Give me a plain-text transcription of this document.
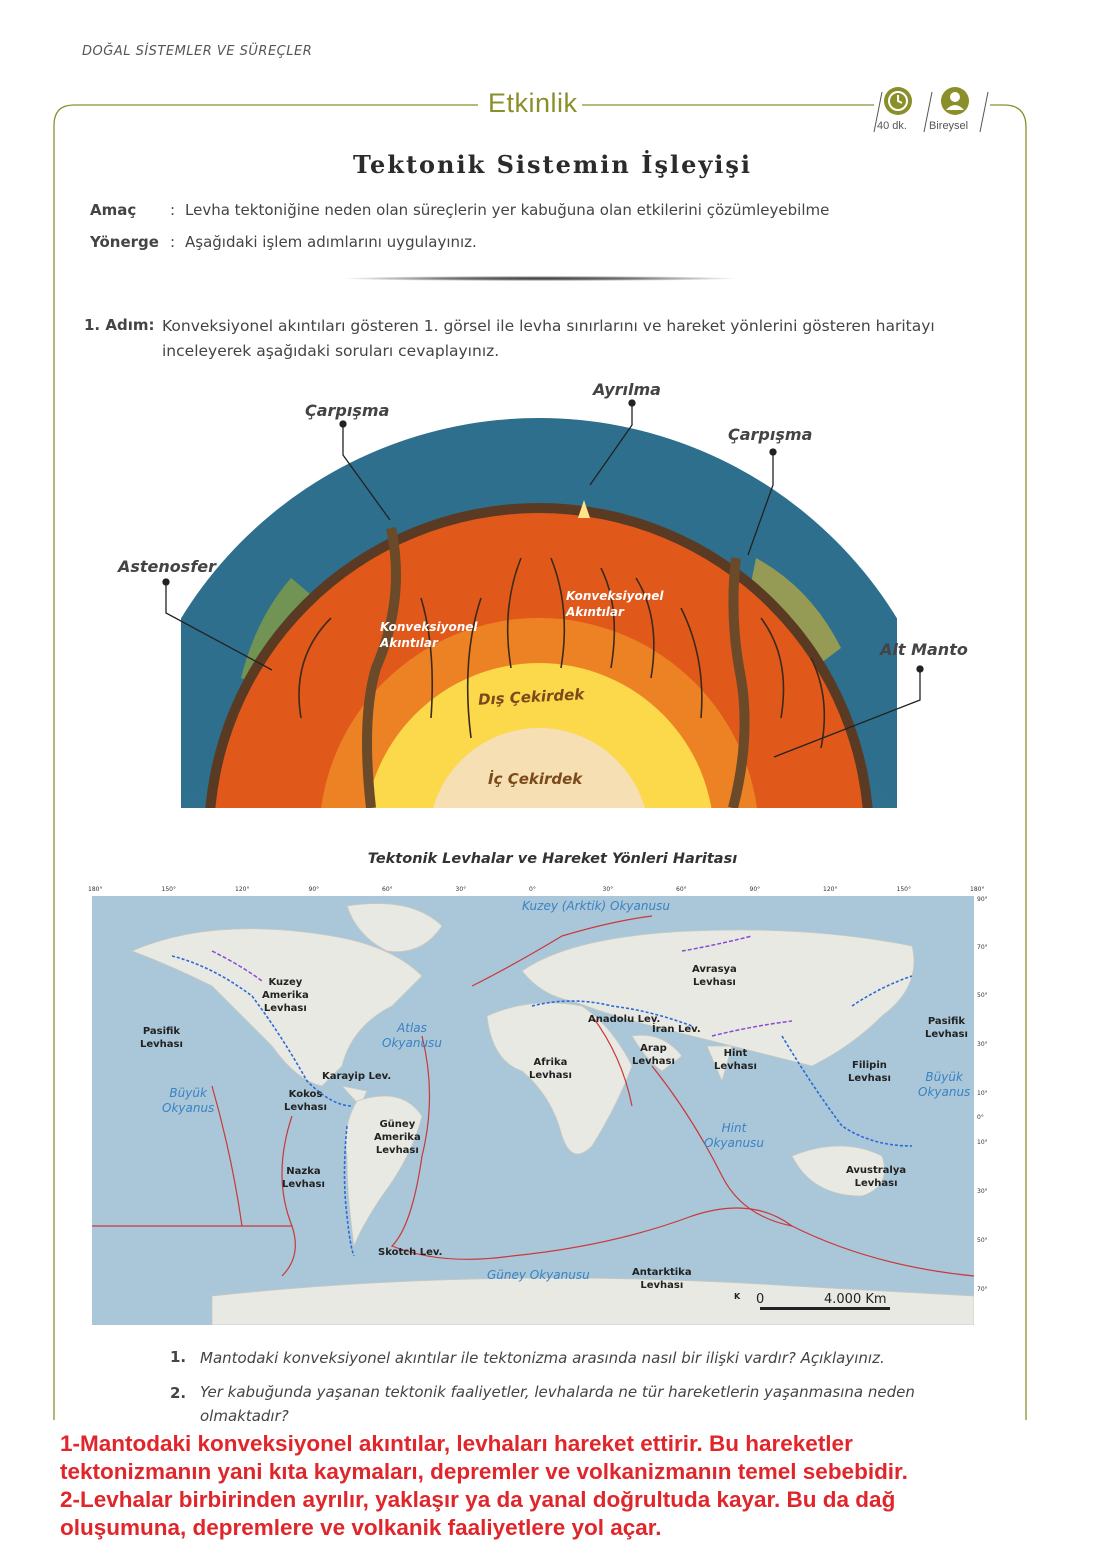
DOĞAL SİSTEMLER VE SÜREÇLER
Etkinlik
40 dk. Bireysel
Tektonik Sistemin İşleyişi
Amaç : Levha tektoniğine neden olan süreçlerin yer kabuğuna olan etkilerini çözümleyebilme
Yönerge : Aşağıdaki işlem adımlarını uygulayınız.
1. Adım: Konveksiyonel akıntıları gösteren 1. görsel ile levha sınırlarını ve hareket yönlerini gösteren haritayı
inceleyerek aşağıdaki soruları cevaplayınız.
Çarpışma
Ayrılma
Çarpışma
Astenosfer
Alt Manto
Konveksiyonel
Akıntılar
Konveksiyonel
Akıntılar
Dış Çekirdek
İç Çekirdek
Tektonik Levhalar ve Hareket Yönleri Haritası
180°	150°	120°	90°	60°	30°	0°	30°	60°	90°	120°	150°	180°
90°
70°
50°
30°
10°
0°
10°
30°
50°
70°
Kuzey (Arktik) Okyanusu
Atlas
Okyanusu
Büyük
Okyanus
Büyük
Okyanus
Hint
Okyanusu
Güney Okyanusu
Kuzey
Amerika
Levhası
Pasifik
Levhası
Pasifik
Levhası
Karayip Lev.
Kokos
Levhası
Nazka
Levhası
Güney
Amerika
Levhası
Skotch Lev.
Afrika
Levhası
Anadolu Lev.
İran Lev.
Arap
Levhası
Hint
Levhası
Avrasya
Levhası
Filipin
Levhası
Avustralya
Levhası
Antarktika
Levhası
K 0	4.000 Km
1. Mantodaki konveksiyonel akıntılar ile tektonizma arasında nasıl bir ilişki vardır? Açıklayınız.
2. Yer kabuğunda yaşanan tektonik faaliyetler, levhalarda ne tür hareketlerin yaşanmasına neden
olmaktadır?
1-Mantodaki konveksiyonel akıntılar, levhaları hareket ettirir. Bu hareketler
tektonizmanın yani kıta kaymaları, depremler ve volkanizmanın temel sebebidir.
2-Levhalar birbirinden ayrılır, yaklaşır ya da yanal doğrultuda kayar. Bu da dağ
oluşumuna, depremlere ve volkanik faaliyetlere yol açar.
